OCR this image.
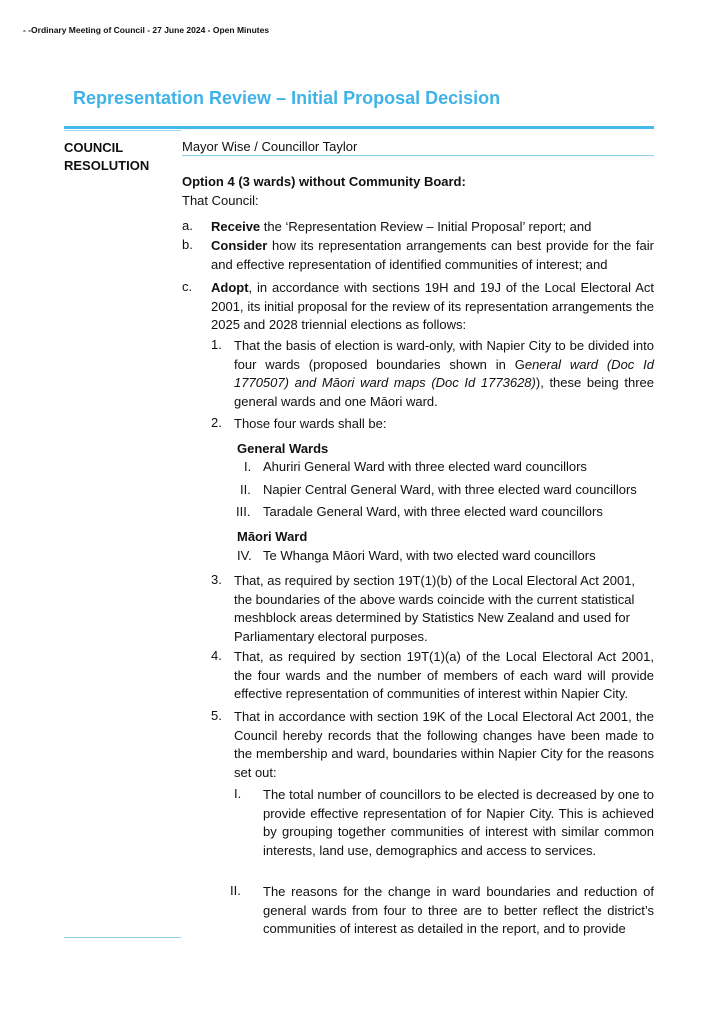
- -Ordinary Meeting of Council - 27 June 2024 - Open Minutes
Representation Review – Initial Proposal Decision
COUNCIL
RESOLUTION
Mayor Wise / Councillor Taylor
Option 4 (3 wards) without Community Board:
That Council:
a. Receive the ‘Representation Review – Initial Proposal’ report; and
b. Consider how its representation arrangements can best provide for the fair and effective representation of identified communities of interest; and
c. Adopt, in accordance with sections 19H and 19J of the Local Electoral Act 2001, its initial proposal for the review of its representation arrangements the 2025 and 2028 triennial elections as follows:
1. That the basis of election is ward-only, with Napier City to be divided into four wards (proposed boundaries shown in General ward (Doc Id 1770507) and Māori ward maps (Doc Id 1773628)), these being three general wards and one Māori ward.
2. Those four wards shall be:
General Wards
I. Ahuriri General Ward with three elected ward councillors
II. Napier Central General Ward, with three elected ward councillors
III. Taradale General Ward, with three elected ward councillors
Māori Ward
IV. Te Whanga Māori Ward, with two elected ward councillors
3. That, as required by section 19T(1)(b) of the Local Electoral Act 2001, the boundaries of the above wards coincide with the current statistical meshblock areas determined by Statistics New Zealand and used for Parliamentary electoral purposes.
4. That, as required by section 19T(1)(a) of the Local Electoral Act 2001, the four wards and the number of members of each ward will provide effective representation of communities of interest within Napier City.
5. That in accordance with section 19K of the Local Electoral Act 2001, the Council hereby records that the following changes have been made to the membership and ward, boundaries within Napier City for the reasons set out:
I. The total number of councillors to be elected is decreased by one to provide effective representation of for Napier City. This is achieved by grouping together communities of interest with similar common interests, land use, demographics and access to services.
II. The reasons for the change in ward boundaries and reduction of general wards from four to three are to better reflect the district’s communities of interest as detailed in the report, and to provide
